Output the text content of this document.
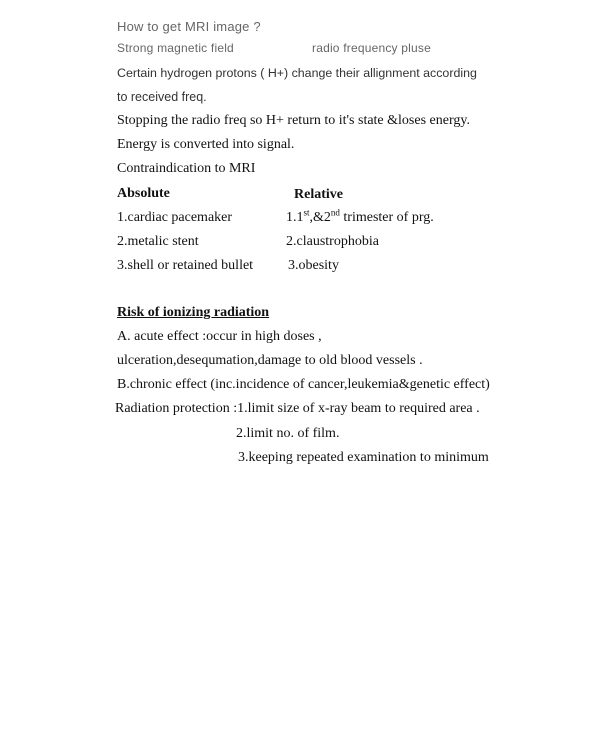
How to get MRI image ?
Strong magnetic field	radio frequency pluse
Certain hydrogen protons ( H+) change their allignment according
to received freq.
Stopping the radio freq so H+ return to it's state &loses energy.
Energy is converted into signal.
Contraindication to MRI
Absolute	Relative
1.cardiac pacemaker	1.1st,&2nd trimester of prg.
2.metalic stent	2.claustrophobia
3.shell or retained bullet 3.obesity
Risk of ionizing radiation
A. acute effect :occur in high doses ,
ulceration,desequmation,damage to old blood vessels .
B.chronic effect (inc.incidence of cancer,leukemia&genetic effect)
Radiation protection :1.limit size of x-ray beam to required area .
2.limit no. of film.
3.keeping repeated examination to minimum
